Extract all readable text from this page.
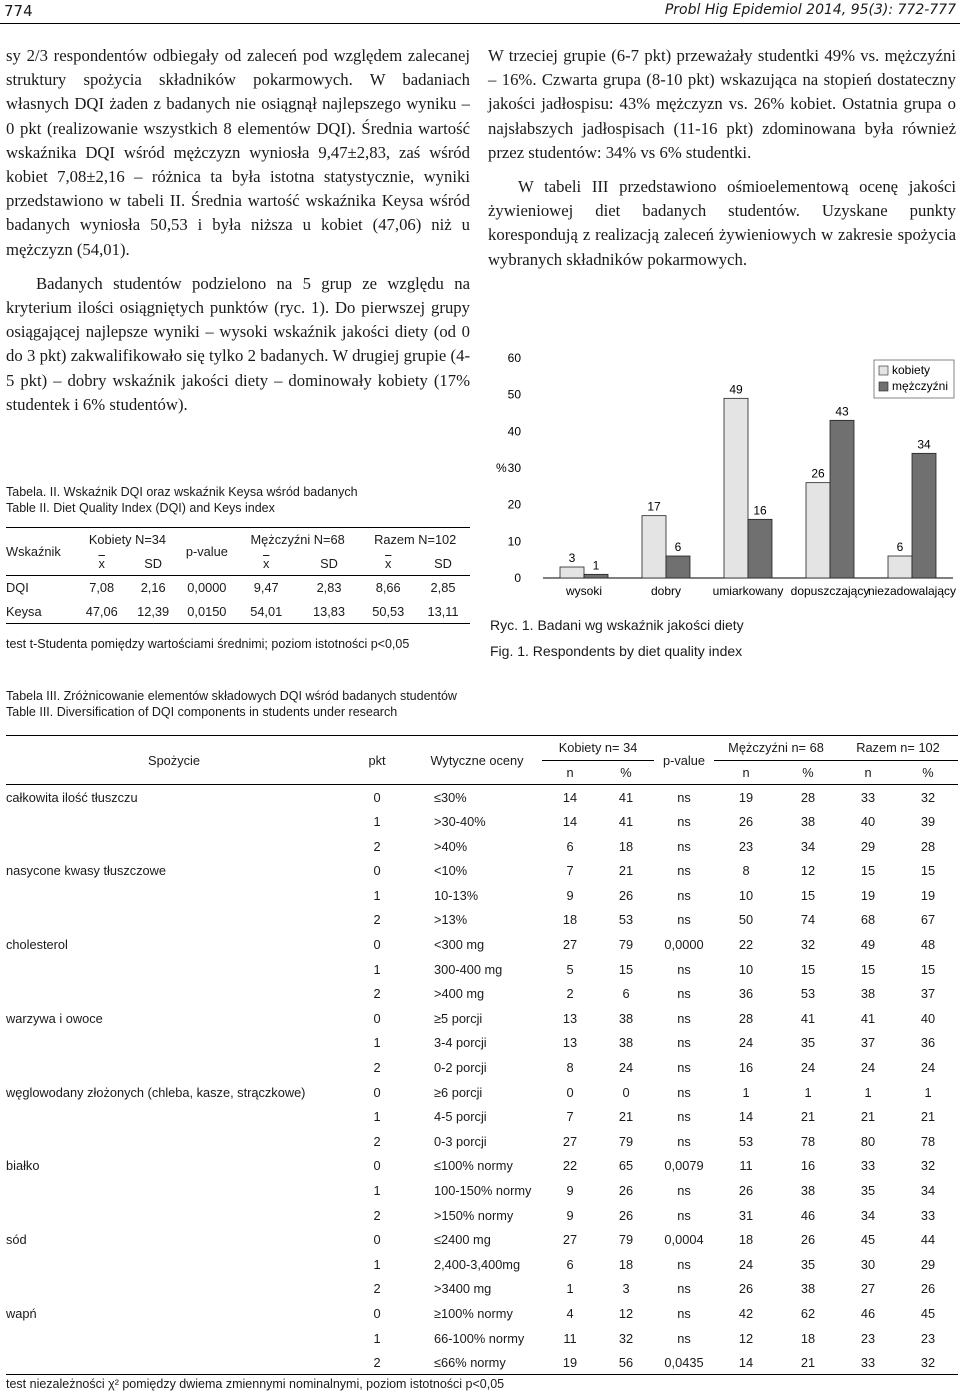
774	Probl Hig Epidemiol 2014, 95(3): 772-777

sy 2/3 respondentów odbiegały od zaleceń pod względem zalecanej struktury spożycia składników pokarmowych. W badaniach własnych DQI żaden z badanych nie osiągnął najlepszego wyniku – 0 pkt (realizowanie wszystkich 8 elementów DQI). Średnia wartość wskaźnika DQI wśród mężczyzn wyniosła 9,47±2,83, zaś wśród kobiet 7,08±2,16 – różnica ta była istotna statystycznie, wyniki przedstawiono w tabeli II. Średnia wartość wskaźnika Keysa wśród badanych wyniosła 50,53 i była niższa u kobiet (47,06) niż u mężczyzn (54,01).

Badanych studentów podzielono na 5 grup ze względu na kryterium ilości osiągniętych punktów (ryc. 1). Do pierwszej grupy osiągającej najlepsze wyniki – wysoki wskaźnik jakości diety (od 0 do 3 pkt) zakwalifikowało się tylko 2 badanych. W drugiej grupie (4-5 pkt) – dobry wskaźnik jakości diety – dominowały kobiety (17% studentek i 6% studentów).

W trzeciej grupie (6-7 pkt) przeważały studentki 49% vs. mężczyźni – 16%. Czwarta grupa (8-10 pkt) wskazująca na stopień dostateczny jakości jadłospisu: 43% mężczyzn vs. 26% kobiet. Ostatnia grupa o najsłabszych jadłospisach (11-16 pkt) zdominowana była również przez studentów: 34% vs 6% studentki.

W tabeli III przedstawiono ośmioelementową ocenę jakości żywieniowej diet badanych studentów. Uzyskane punkty korespondują z realizacją zaleceń żywieniowych w zakresie spożycia wybranych składników pokarmowych.

Tabela. II. Wskaźnik DQI oraz wskaźnik Keysa wśród badanych
Table II. Diet Quality Index (DQI) and Keys index
Wskaźnik	Kobiety N=34		p-value	Mężczyźni N=68		Razem N=102	
	$\overline{x}$	SD		$\overline{x}$	SD	$\overline{x}$	SD
DQI	7,08	2,16	0,0000	9,47	2,83	8,66	2,85
Keysa	47,06	12,39	0,0150	54,01	13,83	50,53	13,11
test t-Studenta pomiędzy wartościami średnimi; poziom istotności p<0,05
0
10
20
30
40
50
60
%
wysoki
3
1
dobry
17
6
umiarkowany
49
16
dopuszczający
26
43
niezadowalający
6
34
kobiety
mężczyźni
Ryc. 1. Badani wg wskaźnik jakości diety
Fig. 1. Respondents by diet quality index
Tabela III. Zróżnicowanie elementów składowych DQI wśród badanych studentów
Table III. Diversification of DQI components in students under research
Spożycie	pkt	Wytyczne oceny	Kobiety n= 34		p-value	Mężczyźni n= 68		Razem n= 102	
			n	%		n	%	n	%
całkowita ilość tłuszczu	0	≤30%	14	41	ns	19	28	33	32
	1	>30-40%	14	41	ns	26	38	40	39
	2	>40%	6	18	ns	23	34	29	28
nasycone kwasy tłuszczowe	0	<10%	7	21	ns	8	12	15	15
	1	10-13%	9	26	ns	10	15	19	19
	2	>13%	18	53	ns	50	74	68	67
cholesterol	0	<300 mg	27	79	0,0000	22	32	49	48
	1	300-400 mg	5	15	ns	10	15	15	15
	2	>400 mg	2	6	ns	36	53	38	37
warzywa i owoce	0	≥5 porcji	13	38	ns	28	41	41	40
	1	3-4 porcji	13	38	ns	24	35	37	36
	2	0-2 porcji	8	24	ns	16	24	24	24
węglowodany złożonych (chleba, kasze, strączkowe)	0	≥6 porcji	0	0	ns	1	1	1	1
	1	4-5 porcji	7	21	ns	14	21	21	21
	2	0-3 porcji	27	79	ns	53	78	80	78
białko	0	≤100% normy	22	65	0,0079	11	16	33	32
	1	100-150% normy	9	26	ns	26	38	35	34
	2	>150% normy	9	26	ns	31	46	34	33
sód	0	≤2400 mg	27	79	0,0004	18	26	45	44
	1	2,400-3,400mg	6	18	ns	24	35	30	29
	2	>3400 mg	1	3	ns	26	38	27	26
wapń	0	≥100% normy	4	12	ns	42	62	46	45
	1	66-100% normy	11	32	ns	12	18	23	23
	2	≤66% normy	19	56	0,0435	14	21	33	32
test niezależności χ² pomiędzy dwiema zmiennymi nominalnymi, poziom istotności p<0,05
